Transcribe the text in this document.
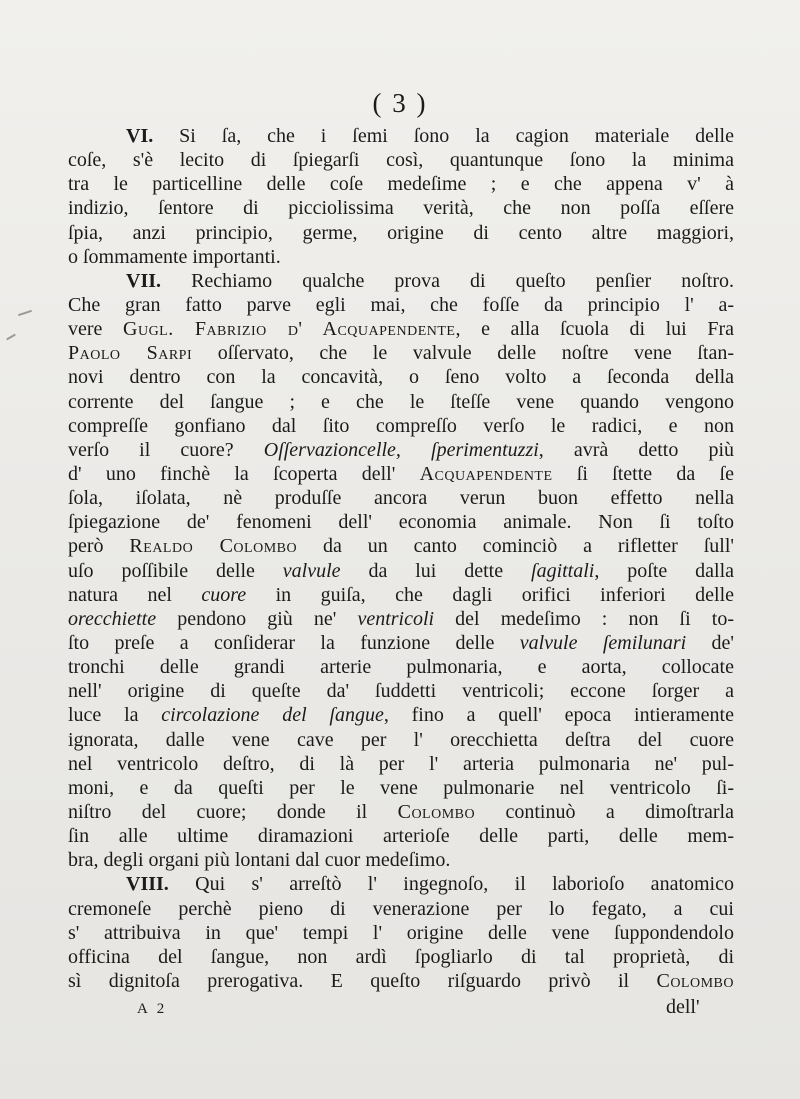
( 3 )
VI. Si ſa, che i ſemi ſono la cagion materiale delle
coſe, s'è lecito di ſpiegarſi così, quantunque ſono la minima
tra le particelline delle coſe medeſime ; e che appena v' à
indizio, ſentore di picciolissima verità, che non poſſa eſſere
ſpia, anzi principio, germe, origine di cento altre maggiori,
o ſommamente importanti.
VII. Rechiamo qualche prova di queſto penſier noſtro.
Che gran fatto parve egli mai, che foſſe da principio l' a-
vere Gugl. Fabrizio d' Acquapendente, e alla ſcuola di lui Fra
Paolo Sarpi oſſervato, che le valvule delle noſtre vene ſtan-
novi dentro con la concavità, o ſeno volto a ſeconda della
corrente del ſangue ; e che le ſteſſe vene quando vengono
compreſſe gonfiano dal ſito compreſſo verſo le radici, e non
verſo il cuore? Oſſervazioncelle, ſperimentuzzi, avrà detto più
d' uno finchè la ſcoperta dell' Acquapendente ſi ſtette da ſe
ſola, iſolata, nè produſſe ancora verun buon effetto nella
ſpiegazione de' fenomeni dell' economia animale. Non ſi toſto
però Realdo Colombo da un canto cominciò a rifletter ſull'
uſo poſſibile delle valvule da lui dette ſagittali, poſte dalla
natura nel cuore in guiſa, che dagli orifici inferiori delle
orecchiette pendono giù ne' ventricoli del medeſimo : non ſi to-
ſto preſe a conſiderar la funzione delle valvule ſemilunari de'
tronchi delle grandi arterie pulmonaria, e aorta, collocate
nell' origine di queſte da' ſuddetti ventricoli; eccone ſorger a
luce la circolazione del ſangue, fino a quell' epoca intieramente
ignorata, dalle vene cave per l' orecchietta deſtra del cuore
nel ventricolo deſtro, di là per l' arteria pulmonaria ne' pul-
moni, e da queſti per le vene pulmonarie nel ventricolo ſi-
niſtro del cuore; donde il Colombo continuò a dimoſtrarla
ſin alle ultime diramazioni arterioſe delle parti, delle mem-
bra, degli organi più lontani dal cuor medeſimo.
VIII. Qui s' arreſtò l' ingegnoſo, il laborioſo anatomico
cremoneſe perchè pieno di venerazione per lo fegato, a cui
s' attribuiva in que' tempi l' origine delle vene ſuppondendolo
officina del ſangue, non ardì ſpogliarlo di tal proprietà, di
sì dignitoſa prerogativa. E queſto riſguardo privò il Colombo
A 2	dell'
